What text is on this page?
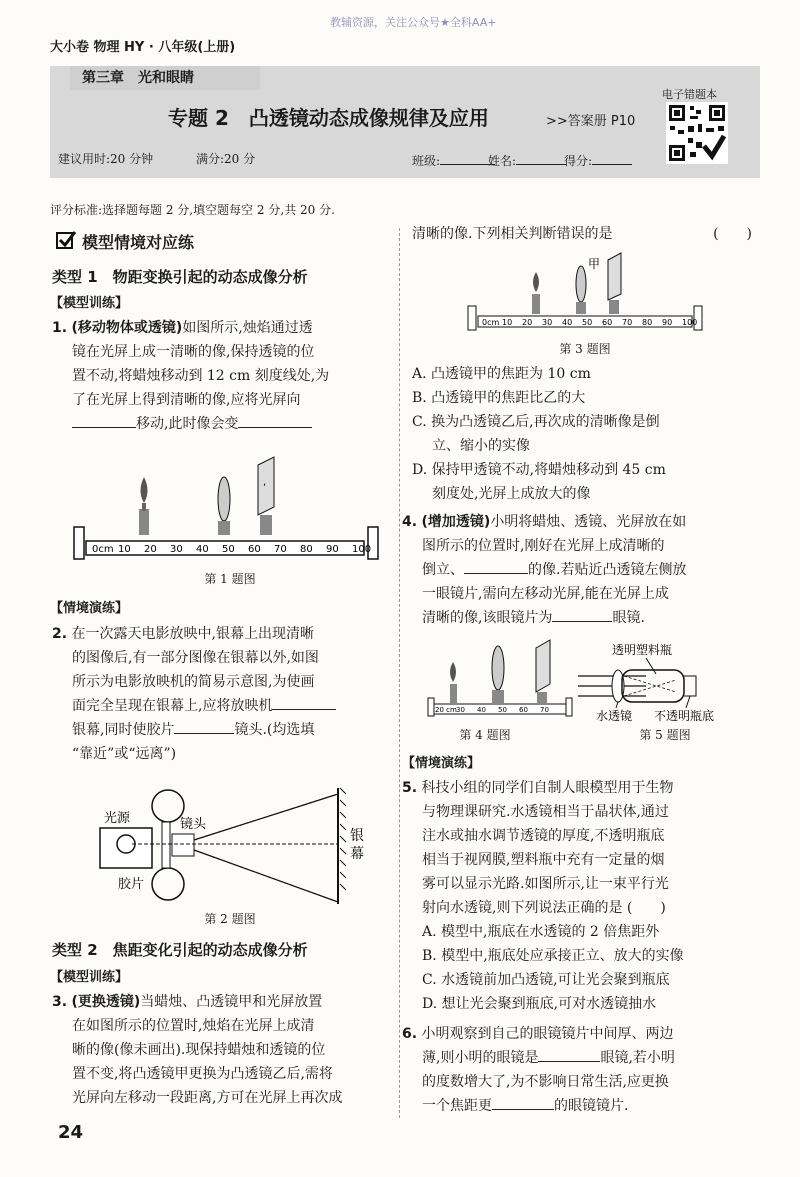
大小卷 物理 HY · 八年级(上册)
教辅资源，关注公众号★全科AA+
第三章　光和眼睛
专题 2　凸透镜动态成像规律及应用	>>答案册 P10
电子错题本
建议用时:20 分钟	满分:20 分	班级:	姓名:	得分:
评分标准:选择题每题 2 分,填空题每空 2 分,共 20 分.
模型情境对应练
类型 1　物距变换引起的动态成像分析
【模型训练】
1. (移动物体或透镜)如图所示,烛焰通过透
镜在光屏上成一清晰的像,保持透镜的位
置不动,将蜡烛移动到 12 cm 刻度线处,为
了在光屏上得到清晰的像,应将光屏向
移动,此时像会变
0cm 10 20 30 40 50 60 70 80 90 100
,
第 1 题图
【情境演练】
2. 在一次露天电影放映中,银幕上出现清晰
的图像后,有一部分图像在银幕以外,如图
所示为电影放映机的简易示意图,为使画
面完全呈现在银幕上,应将放映机
银幕,同时使胶片	镜头.(均选填
“靠近”或“远离”)
光源	镜头
胶片
银
幕
第 2 题图
类型 2　焦距变化引起的动态成像分析
【模型训练】
3. (更换透镜)当蜡烛、凸透镜甲和光屏放置
在如图所示的位置时,烛焰在光屏上成清
晰的像(像未画出).现保持蜡烛和透镜的位
置不变,将凸透镜甲更换为凸透镜乙后,需将
光屏向左移动一段距离,方可在光屏上再次成
24
清晰的像.下列相关判断错误的是	(　　)
0cm 10 20 30 40 50 60 70 80 90 100
甲
第 3 题图
A. 凸透镜甲的焦距为 10 cm
B. 凸透镜甲的焦距比乙的大
C. 换为凸透镜乙后,再次成的清晰像是倒
立、缩小的实像
D. 保持甲透镜不动,将蜡烛移动到 45 cm
刻度处,光屏上成放大的像
4. (增加透镜)小明将蜡烛、透镜、光屏放在如
图所示的位置时,刚好在光屏上成清晰的
倒立、	的像.若贴近凸透镜左侧放
一眼镜片,需向左移动光屏,能在光屏上成
清晰的像,该眼镜片为	眼镜.
20 cm 30 40 50 60 70
第 4 题图
透明塑料瓶
水透镜 不透明瓶底
第 5 题图
【情境演练】
5. 科技小组的同学们自制人眼模型用于生物
与物理课研究.水透镜相当于晶状体,通过
注水或抽水调节透镜的厚度,不透明瓶底
相当于视网膜,塑料瓶中充有一定量的烟
雾可以显示光路.如图所示,让一束平行光
射向水透镜,则下列说法正确的是 (　　)
A. 模型中,瓶底在水透镜的 2 倍焦距外
B. 模型中,瓶底处应承接正立、放大的实像
C. 水透镜前加凸透镜,可让光会聚到瓶底
D. 想让光会聚到瓶底,可对水透镜抽水
6. 小明观察到自己的眼镜镜片中间厚、两边
薄,则小明的眼镜是	眼镜,若小明
的度数增大了,为不影响日常生活,应更换
一个焦距更	的眼镜镜片.
